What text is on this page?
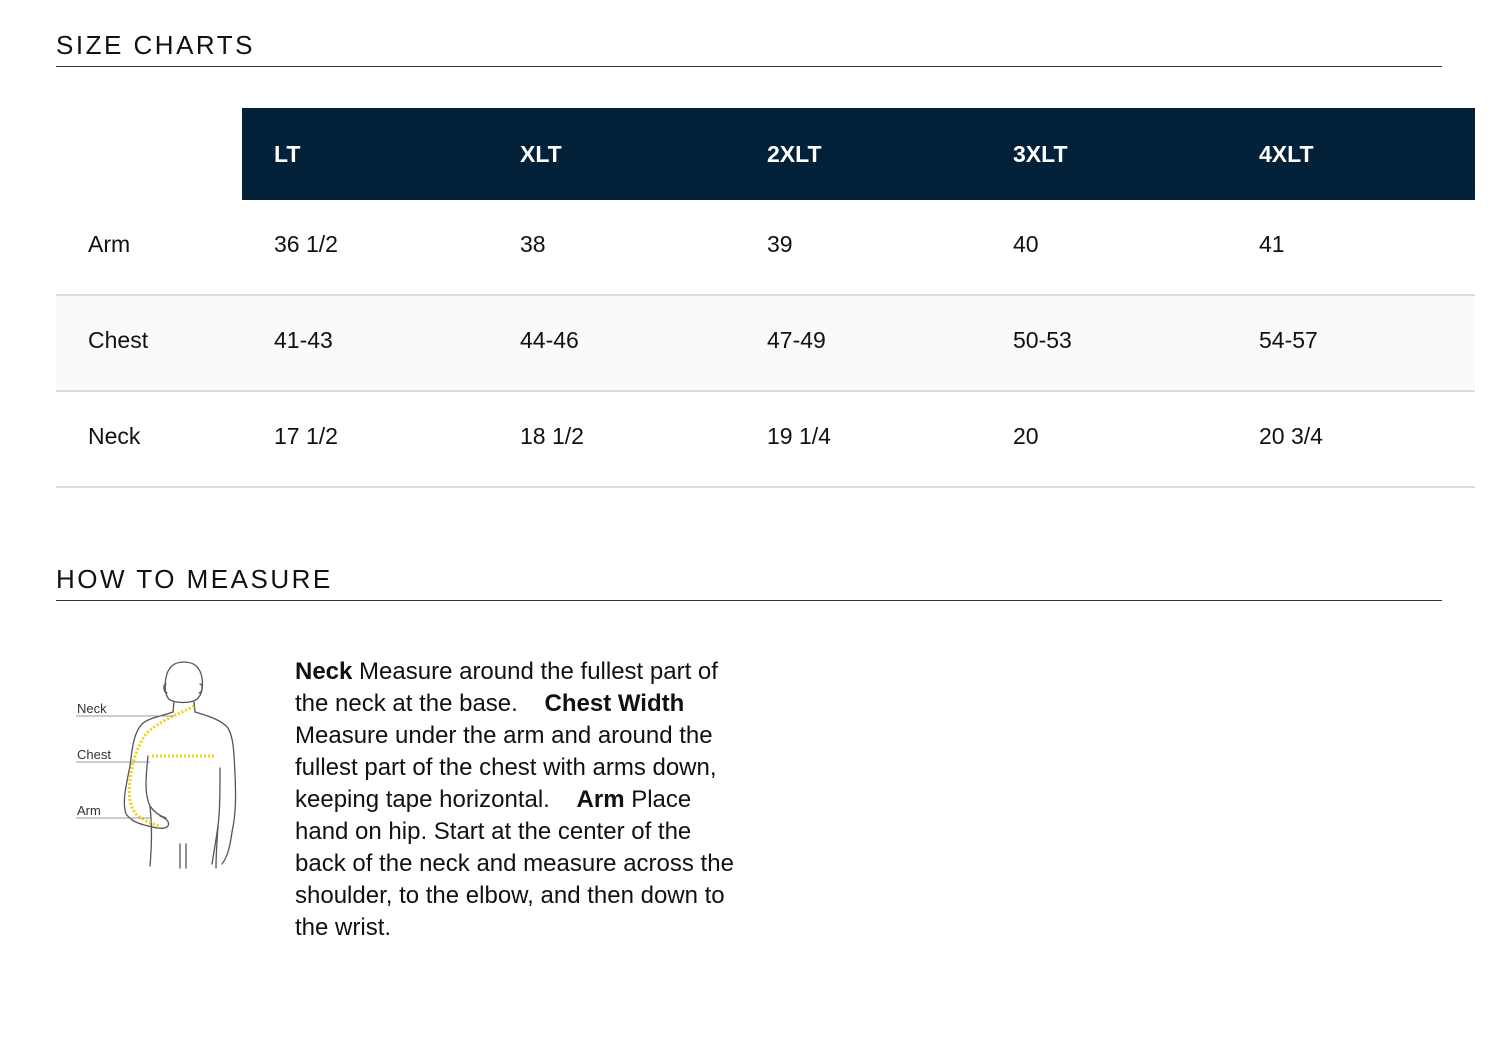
SIZE CHARTS
LT	XLT	2XLT	3XLT	4XLT
Arm	36 1/2	38	39	40	41
Chest	41-43	44-46	47-49	50-53	54-57
Neck	17 1/2	18 1/2	19 1/4	20	20 3/4
HOW TO MEASURE
Neck
Chest
Arm
Neck Measure around the fullest part of the neck at the base. Chest Width Measure under the arm and around the fullest part of the chest with arms down, keeping tape horizontal. Arm Place hand on hip. Start at the center of the back of the neck and measure across the shoulder, to the elbow, and then down to the wrist.
